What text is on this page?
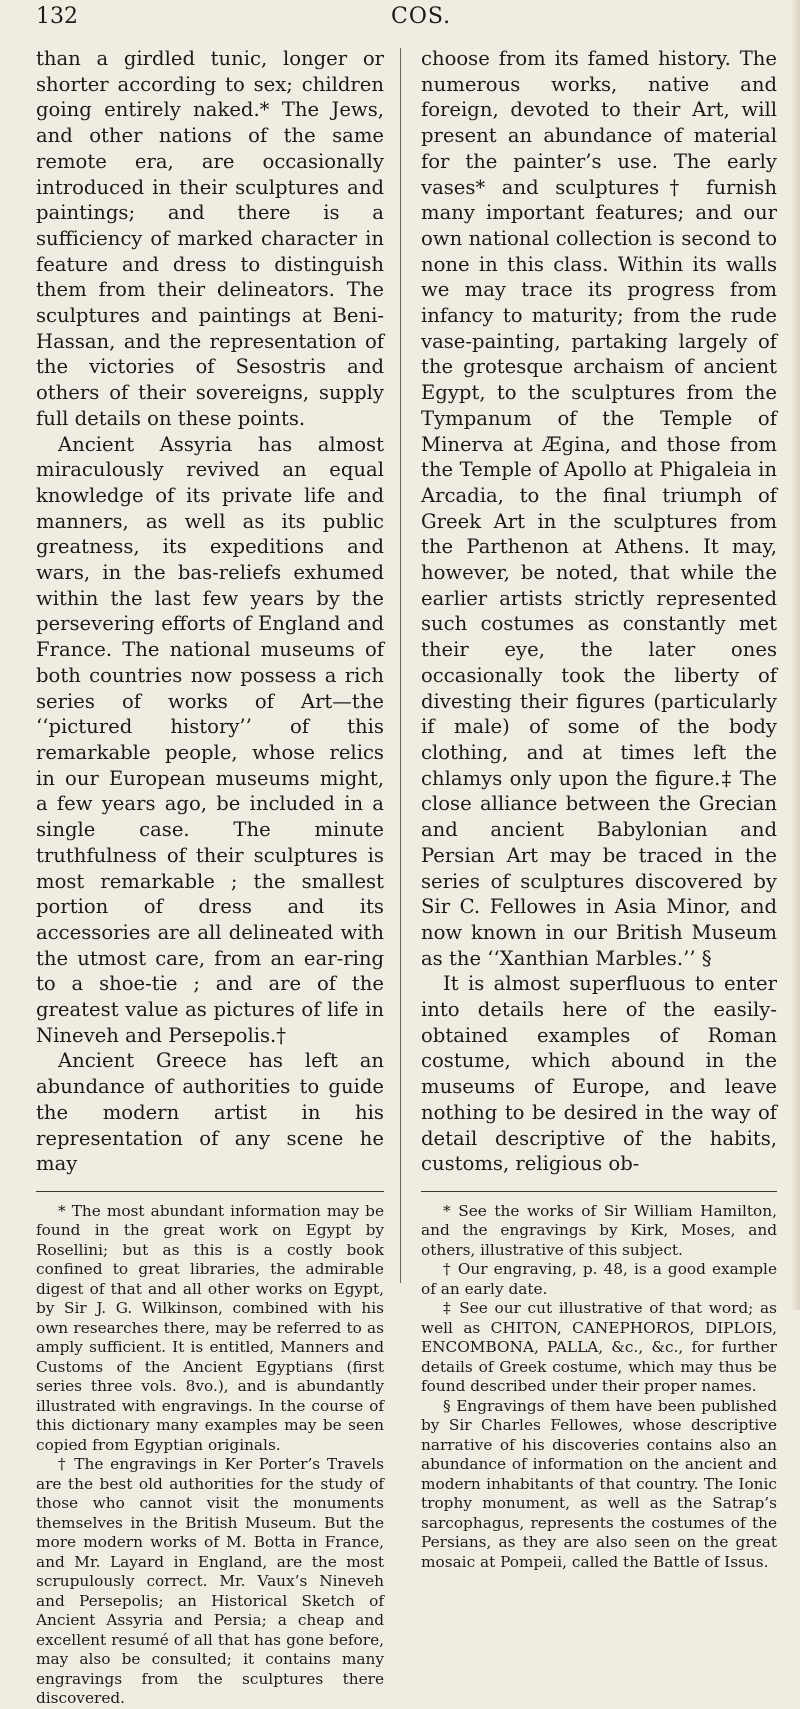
132	COS.

than a girdled tunic, longer or shorter according to sex; children going entirely naked.* The Jews, and other nations of the same remote era, are occasionally introduced in their sculptures and paintings; and there is a sufficiency of marked character in feature and dress to distinguish them from their delineators. The sculptures and paintings at Beni-Hassan, and the representation of the victories of Sesostris and others of their sovereigns, supply full details on these points.

Ancient Assyria has almost miraculously revived an equal knowledge of its private life and manners, as well as its public greatness, its expeditions and wars, in the bas-reliefs exhumed within the last few years by the persevering efforts of England and France. The national museums of both countries now possess a rich series of works of Art—the ‘‘pictured history’’ of this remarkable people, whose relics in our European museums might, a few years ago, be included in a single case. The minute truthfulness of their sculptures is most remarkable ; the smallest portion of dress and its accessories are all delineated with the utmost care, from an ear-ring to a shoe-tie ; and are of the greatest value as pictures of life in Nineveh and Persepolis.†

Ancient Greece has left an abundance of authorities to guide the modern artist in his representation of any scene he may

* The most abundant information may be found in the great work on Egypt by Rosellini; but as this is a costly book confined to great libraries, the admirable digest of that and all other works on Egypt, by Sir J. G. Wilkinson, combined with his own researches there, may be referred to as amply sufficient. It is entitled, Manners and Customs of the Ancient Egyptians (first series three vols. 8vo.), and is abundantly illustrated with engravings. In the course of this dictionary many examples may be seen copied from Egyptian originals.

† The engravings in Ker Porter’s Travels are the best old authorities for the study of those who cannot visit the monuments themselves in the British Museum. But the more modern works of M. Botta in France, and Mr. Layard in England, are the most scrupulously correct. Mr. Vaux’s Nineveh and Persepolis; an Historical Sketch of Ancient Assyria and Persia; a cheap and excellent resumé of all that has gone before, may also be consulted; it contains many engravings from the sculptures there discovered.

choose from its famed history. The numerous works, native and foreign, devoted to their Art, will present an abundance of material for the painter’s use. The early vases* and sculptures† furnish many important features; and our own national collection is second to none in this class. Within its walls we may trace its progress from infancy to maturity; from the rude vase-painting, partaking largely of the grotesque archaism of ancient Egypt, to the sculptures from the Tympanum of the Temple of Minerva at Ægina, and those from the Temple of Apollo at Phigaleia in Arcadia, to the final triumph of Greek Art in the sculptures from the Parthenon at Athens. It may, however, be noted, that while the earlier artists strictly represented such costumes as constantly met their eye, the later ones occasionally took the liberty of divesting their figures (particularly if male) of some of the body clothing, and at times left the chlamys only upon the figure.‡ The close alliance between the Grecian and ancient Babylonian and Persian Art may be traced in the series of sculptures discovered by Sir C. Fellowes in Asia Minor, and now known in our British Museum as the ‘‘Xanthian Marbles.’’ §

It is almost superfluous to enter into details here of the easily-obtained examples of Roman costume, which abound in the museums of Europe, and leave nothing to be desired in the way of detail descriptive of the habits, customs, religious ob-

* See the works of Sir William Hamilton, and the engravings by Kirk, Moses, and others, illustrative of this subject.

† Our engraving, p. 48, is a good example of an early date.

‡ See our cut illustrative of that word; as well as CHITON, CANEPHOROS, DIPLOIS, ENCOMBONA, PALLA, &c., &c., for further details of Greek costume, which may thus be found described under their proper names.

§ Engravings of them have been published by Sir Charles Fellowes, whose descriptive narrative of his discoveries contains also an abundance of information on the ancient and modern inhabitants of that country. The Ionic trophy monument, as well as the Satrap’s sarcophagus, represents the costumes of the Persians, as they are also seen on the great mosaic at Pompeii, called the Battle of Issus.
